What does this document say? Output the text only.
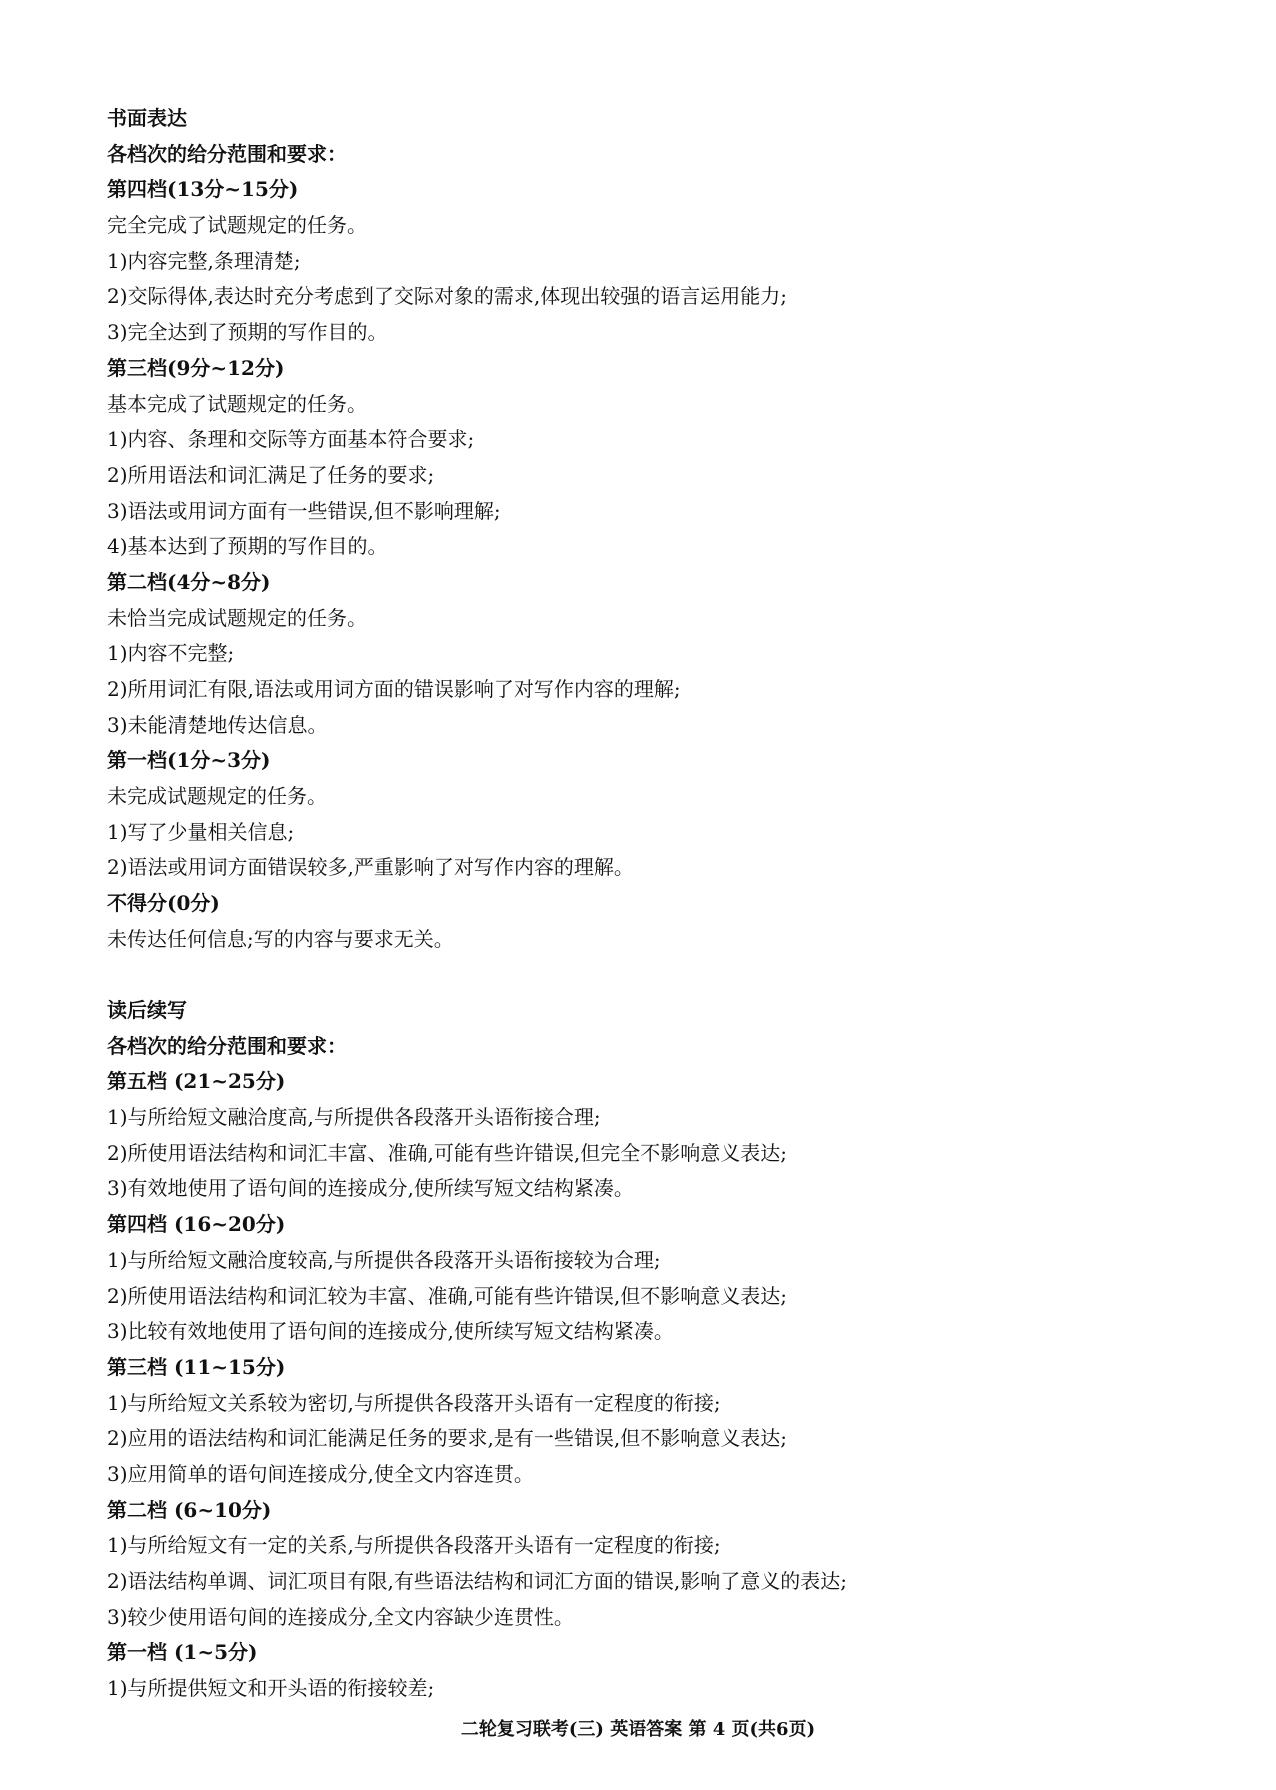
书面表达
各档次的给分范围和要求：
第四档(13分~15分)
完全完成了试题规定的任务。
1)内容完整,条理清楚;
2)交际得体,表达时充分考虑到了交际对象的需求,体现出较强的语言运用能力;
3)完全达到了预期的写作目的。
第三档(9分~12分)
基本完成了试题规定的任务。
1)内容、条理和交际等方面基本符合要求;
2)所用语法和词汇满足了任务的要求;
3)语法或用词方面有一些错误,但不影响理解;
4)基本达到了预期的写作目的。
第二档(4分~8分)
未恰当完成试题规定的任务。
1)内容不完整;
2)所用词汇有限,语法或用词方面的错误影响了对写作内容的理解;
3)未能清楚地传达信息。
第一档(1分~3分)
未完成试题规定的任务。
1)写了少量相关信息;
2)语法或用词方面错误较多,严重影响了对写作内容的理解。
不得分(0分)
未传达任何信息;写的内容与要求无关。
读后续写
各档次的给分范围和要求：
第五档 (21~25分)
1)与所给短文融洽度高,与所提供各段落开头语衔接合理;
2)所使用语法结构和词汇丰富、准确,可能有些许错误,但完全不影响意义表达;
3)有效地使用了语句间的连接成分,使所续写短文结构紧凑。
第四档 (16~20分)
1)与所给短文融洽度较高,与所提供各段落开头语衔接较为合理;
2)所使用语法结构和词汇较为丰富、准确,可能有些许错误,但不影响意义表达;
3)比较有效地使用了语句间的连接成分,使所续写短文结构紧凑。
第三档 (11~15分)
1)与所给短文关系较为密切,与所提供各段落开头语有一定程度的衔接;
2)应用的语法结构和词汇能满足任务的要求,是有一些错误,但不影响意义表达;
3)应用简单的语句间连接成分,使全文内容连贯。
第二档 (6~10分)
1)与所给短文有一定的关系,与所提供各段落开头语有一定程度的衔接;
2)语法结构单调、词汇项目有限,有些语法结构和词汇方面的错误,影响了意义的表达;
3)较少使用语句间的连接成分,全文内容缺少连贯性。
第一档 (1~5分)
1)与所提供短文和开头语的衔接较差;
二轮复习联考(三) 英语答案 第 4 页(共6页)
